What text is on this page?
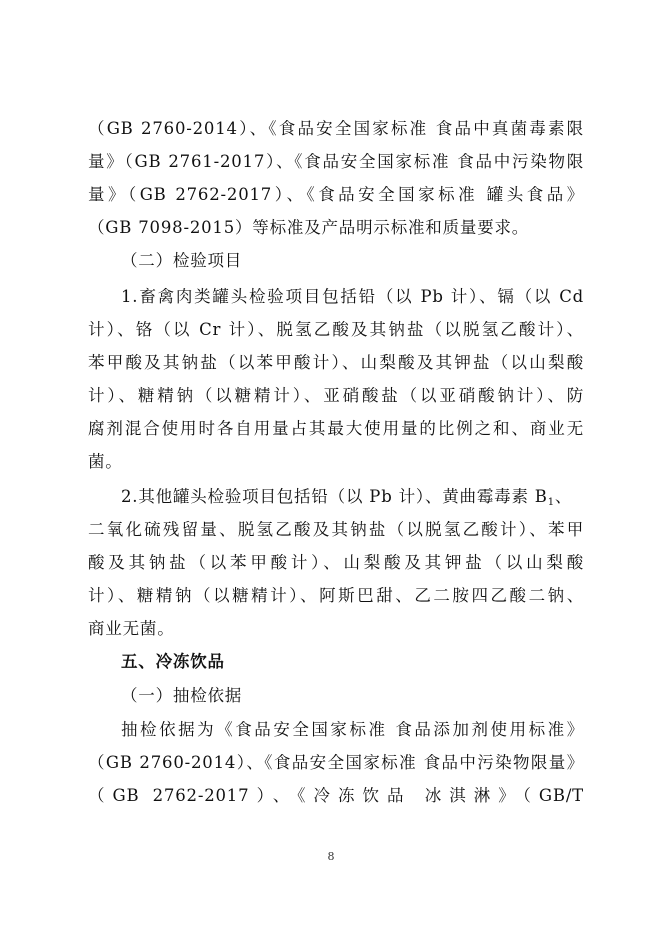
（GB 2760-2014）、《食品安全国家标准 食品中真菌毒素限
量》（GB 2761-2017）、《食品安全国家标准 食品中污染物限
量》（GB 2762-2017）、《食品安全国家标准 罐头食品》
（GB 7098-2015）等标准及产品明示标准和质量要求。
（二）检验项目
1.畜禽肉类罐头检验项目包括铅（以 Pb 计）、镉（以 Cd
计）、铬（以 Cr 计）、脱氢乙酸及其钠盐（以脱氢乙酸计）、
苯甲酸及其钠盐（以苯甲酸计）、山梨酸及其钾盐（以山梨酸
计）、糖精钠（以糖精计）、亚硝酸盐（以亚硝酸钠计）、防
腐剂混合使用时各自用量占其最大使用量的比例之和、商业无
菌。
2.其他罐头检验项目包括铅（以 Pb 计）、黄曲霉毒素 $B_1$、
二氧化硫残留量、脱氢乙酸及其钠盐（以脱氢乙酸计）、苯甲
酸及其钠盐（以苯甲酸计）、山梨酸及其钾盐（以山梨酸
计）、糖精钠（以糖精计）、阿斯巴甜、乙二胺四乙酸二钠、
商业无菌。
五、冷冻饮品
（一）抽检依据
抽检依据为《食品安全国家标准 食品添加剂使用标准》
（GB 2760-2014）、《食品安全国家标准 食品中污染物限量》
（GB 2762-2017）、《冷冻饮品 冰淇淋》（GB/T
8
